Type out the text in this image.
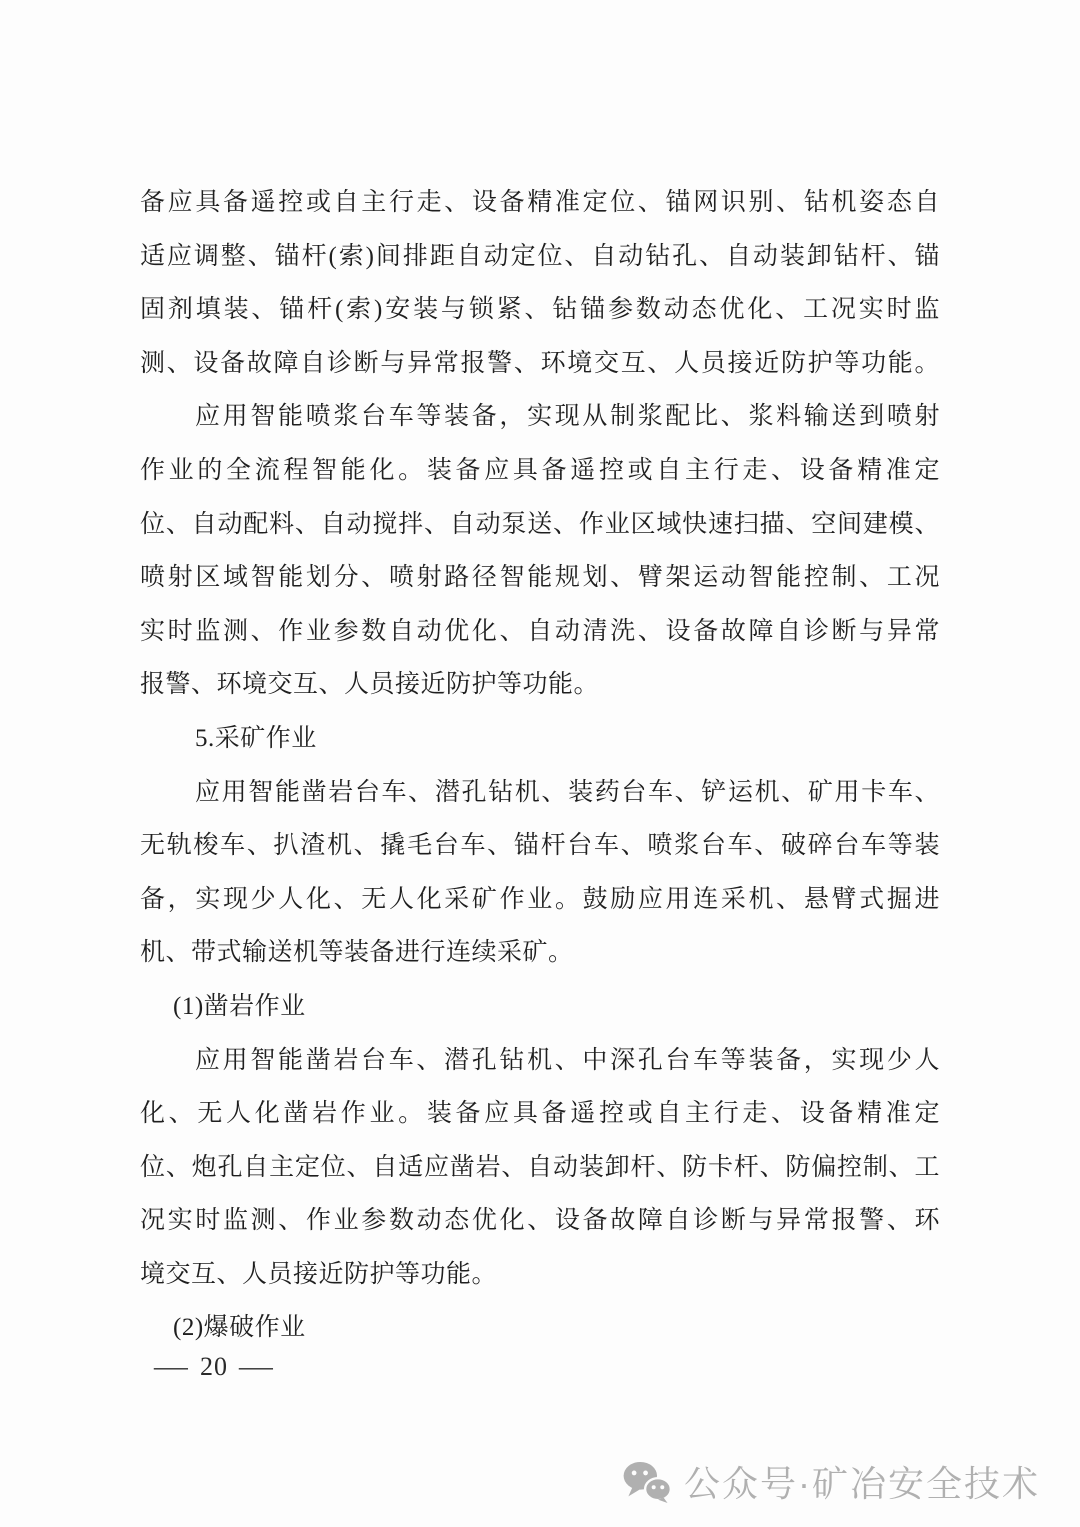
备应具备遥控或自主行走、设备精准定位、锚网识别、钻机姿态自
适应调整、锚杆(索)间排距自动定位、自动钻孔、自动装卸钻杆、锚
固剂填装、锚杆(索)安装与锁紧、钻锚参数动态优化、工况实时监
测、设备故障自诊断与异常报警、环境交互、人员接近防护等功能。
应用智能喷浆台车等装备，实现从制浆配比、浆料输送到喷射
作业的全流程智能化。装备应具备遥控或自主行走、设备精准定
位、自动配料、自动搅拌、自动泵送、作业区域快速扫描、空间建模、
喷射区域智能划分、喷射路径智能规划、臂架运动智能控制、工况
实时监测、作业参数自动优化、自动清洗、设备故障自诊断与异常
报警、环境交互、人员接近防护等功能。
5.采矿作业
应用智能凿岩台车、潜孔钻机、装药台车、铲运机、矿用卡车、
无轨梭车、扒渣机、撬毛台车、锚杆台车、喷浆台车、破碎台车等装
备，实现少人化、无人化采矿作业。鼓励应用连采机、悬臂式掘进
机、带式输送机等装备进行连续采矿。
(1)凿岩作业
应用智能凿岩台车、潜孔钻机、中深孔台车等装备，实现少人
化、无人化凿岩作业。装备应具备遥控或自主行走、设备精准定
位、炮孔自主定位、自适应凿岩、自动装卸杆、防卡杆、防偏控制、工
况实时监测、作业参数动态优化、设备故障自诊断与异常报警、环
境交互、人员接近防护等功能。
(2)爆破作业
— 20 —
公众号·矿冶安全技术
